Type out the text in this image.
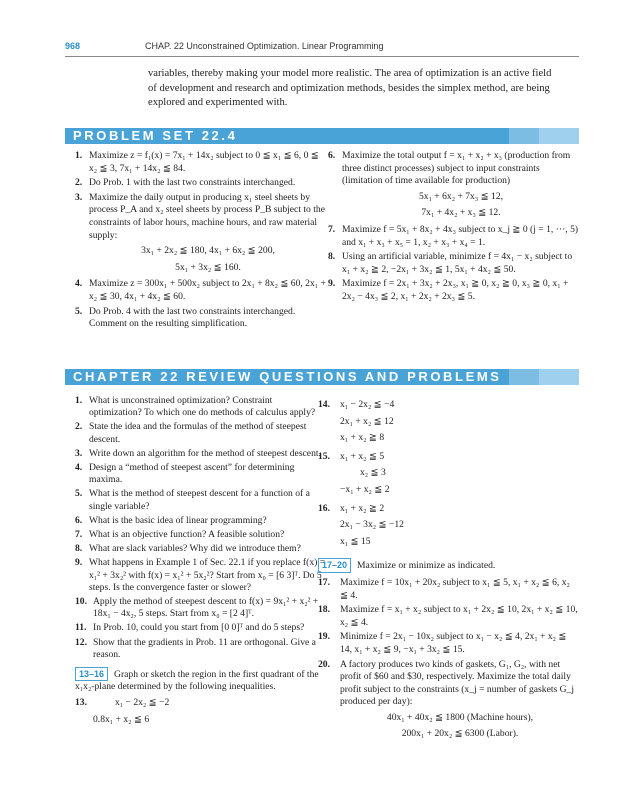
968	CHAP. 22 Unconstrained Optimization. Linear Programming
variables, thereby making your model more realistic. The area of optimization is an active field of development and research and optimization methods, besides the simplex method, are being explored and experimented with.
PROBLEM SET 22.4
1. Maximize z = f₁(x) = 7x₁ + 14x₂ subject to 0 ≦ x₁ ≦ 6, 0 ≦ x₂ ≦ 3, 7x₁ + 14x₂ ≦ 84.
2. Do Prob. 1 with the last two constraints interchanged.
3. Maximize the daily output in producing x₁ steel sheets by process P_A and x₂ steel sheets by process P_B subject to the constraints of labor hours, machine hours, and raw material supply:
3x₁ + 2x₂ ≦ 180, 4x₁ + 6x₂ ≦ 200,
5x₁ + 3x₂ ≦ 160.
4. Maximize z = 300x₁ + 500x₂ subject to 2x₁ + 8x₂ ≦ 60, 2x₁ + x₂ ≦ 30, 4x₁ + 4x₂ ≦ 60.
5. Do Prob. 4 with the last two constraints interchanged. Comment on the resulting simplification.
6. Maximize the total output f = x₁ + x₂ + x₃ (production from three distinct processes) subject to input constraints (limitation of time available for production)
5x₁ + 6x₂ + 7x₃ ≦ 12,
7x₁ + 4x₂ + x₃ ≦ 12.
7. Maximize f = 5x₁ + 8x₂ + 4x₃ subject to x_j ≧ 0 (j = 1, ···, 5) and x₁ + x₃ + x₅ = 1, x₂ + x₃ + x₄ = 1.
8. Using an artificial variable, minimize f = 4x₁ − x₂ subject to x₁ + x₂ ≧ 2, −2x₁ + 3x₂ ≦ 1, 5x₁ + 4x₂ ≦ 50.
9. Maximize f = 2x₁ + 3x₂ + 2x₃, x₁ ≧ 0, x₂ ≧ 0, x₃ ≧ 0, x₁ + 2x₂ − 4x₃ ≦ 2, x₁ + 2x₂ + 2x₃ ≦ 5.
CHAPTER 22 REVIEW QUESTIONS AND PROBLEMS
1. What is unconstrained optimization? Constraint optimization? To which one do methods of calculus apply?
2. State the idea and the formulas of the method of steepest descent.
3. Write down an algorithm for the method of steepest descent.
4. Design a “method of steepest ascent” for determining maxima.
5. What is the method of steepest descent for a function of a single variable?
6. What is the basic idea of linear programming?
7. What is an objective function? A feasible solution?
8. What are slack variables? Why did we introduce them?
9. What happens in Example 1 of Sec. 22.1 if you replace f(x) = x₁² + 3x₂² with f(x) = x₁² + 5x₂²? Start from x₀ = [6 3]ᵀ. Do 5 steps. Is the convergence faster or slower?
10. Apply the method of steepest descent to f(x) = 9x₁² + x₂² + 18x₁ − 4x₂, 5 steps. Start from x₀ = [2 4]ᵀ.
11. In Prob. 10, could you start from [0 0]ᵀ and do 5 steps?
12. Show that the gradients in Prob. 11 are orthogonal. Give a reason.
13–16 Graph or sketch the region in the first quadrant of the x₁x₂-plane determined by the following inequalities.
13.	x₁ − 2x₂ ≦ −2
0.8x₁ + x₂ ≦ 6
14. x₁ − 2x₂ ≦ −4
2x₁ + x₂ ≦ 12
x₁ + x₂ ≧ 8
15. x₁ + x₂ ≦ 5
x₂ ≦ 3
−x₁ + x₂ ≦ 2
16. x₁ + x₂ ≧ 2
2x₁ − 3x₂ ≦ −12
x₁ ≦ 15
17–20 Maximize or minimize as indicated.
17. Maximize f = 10x₁ + 20x₂ subject to x₁ ≦ 5, x₁ + x₂ ≦ 6, x₂ ≦ 4.
18. Maximize f = x₁ + x₂ subject to x₁ + 2x₂ ≦ 10, 2x₁ + x₂ ≦ 10, x₂ ≦ 4.
19. Minimize f = 2x₁ − 10x₂ subject to x₁ − x₂ ≦ 4, 2x₁ + x₂ ≦ 14, x₁ + x₂ ≦ 9, −x₁ + 3x₂ ≦ 15.
20. A factory produces two kinds of gaskets, G₁, G₂, with net profit of $60 and $30, respectively. Maximize the total daily profit subject to the constraints (x_j = number of gaskets G_j produced per day):
40x₁ + 40x₂ ≦ 1800 (Machine hours),
200x₁ + 20x₂ ≦ 6300 (Labor).
